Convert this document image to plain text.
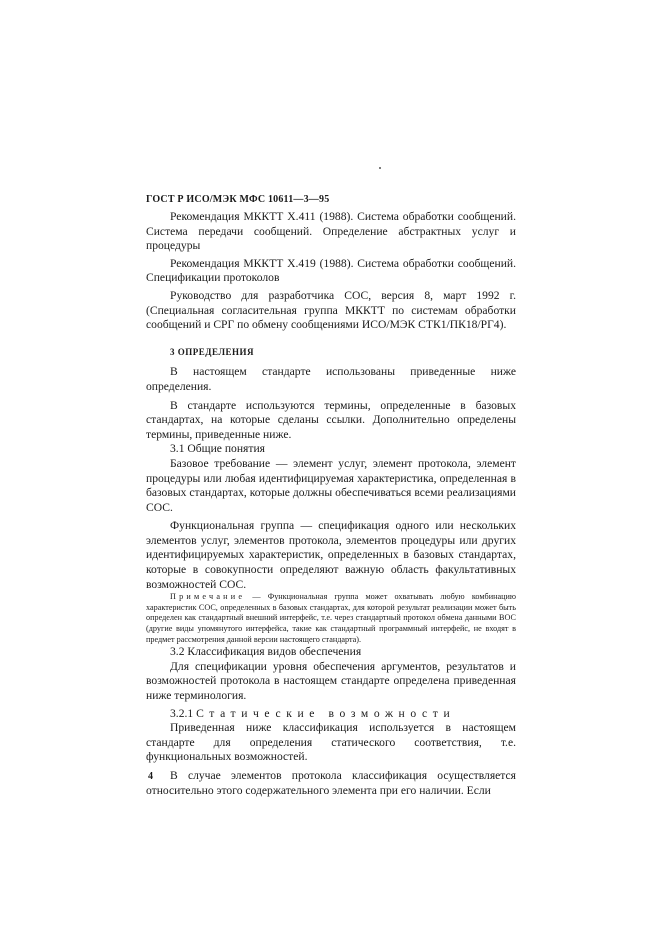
ГОСТ Р ИСО/МЭК МФС 10611—3—95

Рекомендация МККТТ Х.411 (1988). Система обработки сообщений. Система передачи сообщений. Определение абстрактных услуг и процедуры

Рекомендация МККТТ Х.419 (1988). Система обработки сообщений. Спецификации протоколов

Руководство для разработчика СОС, версия 8, март 1992 г. (Специальная согласительная группа МККТТ по системам обработки сообщений и СРГ по обмену сообщениями ИСО/МЭК СТК1/ПК18/РГ4).

3 ОПРЕДЕЛЕНИЯ

В настоящем стандарте использованы приведенные ниже определения.

В стандарте используются термины, определенные в базовых стандартах, на которые сделаны ссылки. Дополнительно определены термины, приведенные ниже.

3.1 Общие понятия

Базовое требование — элемент услуг, элемент протокола, элемент процедуры или любая идентифицируемая характеристика, определенная в базовых стандартах, которые должны обеспечиваться всеми реализациями СОС.

Функциональная группа — спецификация одного или нескольких элементов услуг, элементов протокола, элементов процедуры или других идентифицируемых характеристик, определенных в базовых стандартах, которые в совокупности определяют важную область факультативных возможностей СОС.

Примечание — Функциональная группа может охватывать любую комбинацию характеристик СОС, определенных в базовых стандартах, для которой результат реализации может быть определен как стандартный внешний интерфейс, т.е. через стандартный протокол обмена данными ВОС (другие виды упомянутого интерфейса, такие как стандартный программный интерфейс, не входят в предмет рассмотрения данной версии настоящего стандарта).

3.2 Классификация видов обеспечения

Для спецификации уровня обеспечения аргументов, результатов и возможностей протокола в настоящем стандарте определена приведенная ниже терминология.

3.2.1 Статические возможности

Приведенная ниже классификация используется в настоящем стандарте для определения статического соответствия, т.е. функциональных возможностей.

В случае элементов протокола классификация осуществляется относительно этого содержательного элемента при его наличии. Если

4
